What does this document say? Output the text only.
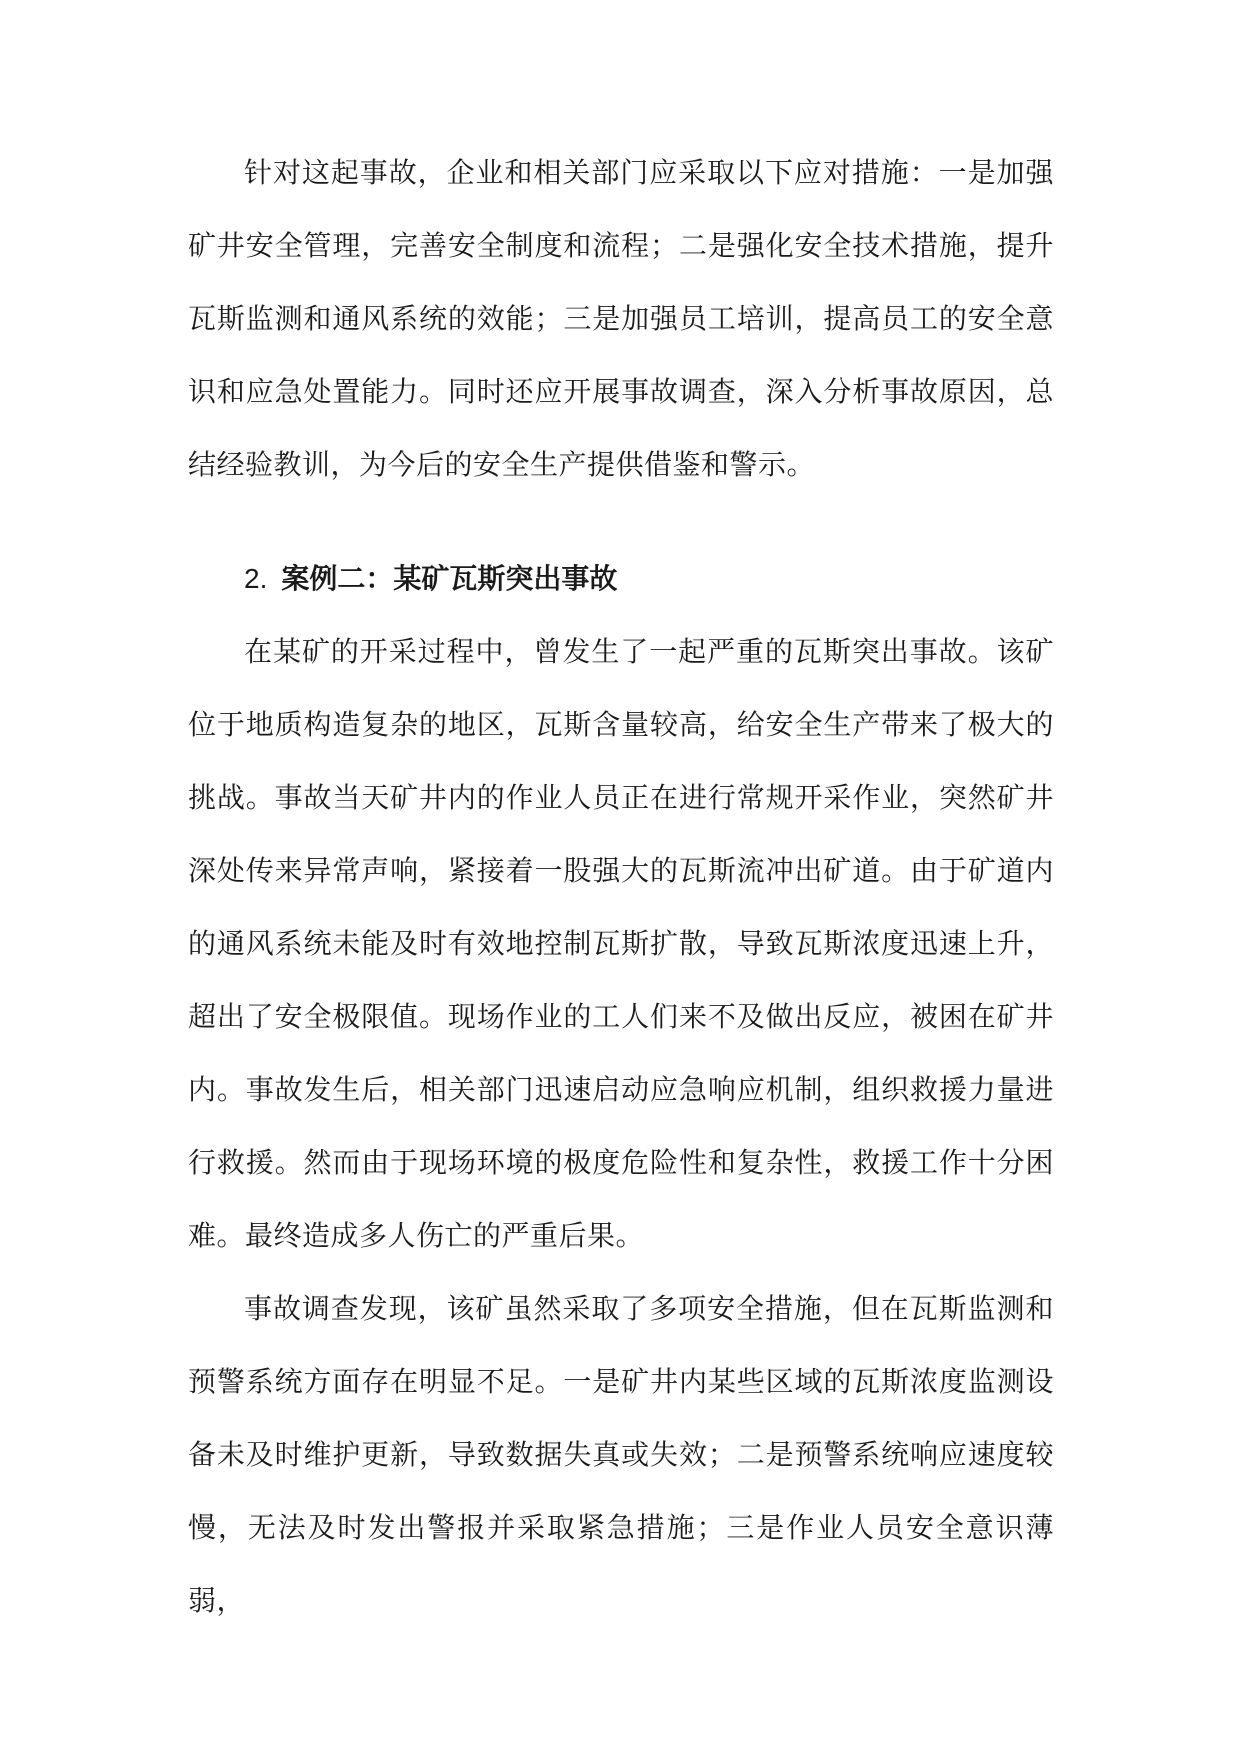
针对这起事故，企业和相关部门应采取以下应对措施：一是加强矿井安全管理，完善安全制度和流程；二是强化安全技术措施，提升瓦斯监测和通风系统的效能；三是加强员工培训，提高员工的安全意识和应急处置能力。同时还应开展事故调查，深入分析事故原因，总结经验教训，为今后的安全生产提供借鉴和警示。

2. 案例二：某矿瓦斯突出事故

在某矿的开采过程中，曾发生了一起严重的瓦斯突出事故。该矿位于地质构造复杂的地区，瓦斯含量较高，给安全生产带来了极大的挑战。事故当天矿井内的作业人员正在进行常规开采作业，突然矿井深处传来异常声响，紧接着一股强大的瓦斯流冲出矿道。由于矿道内的通风系统未能及时有效地控制瓦斯扩散，导致瓦斯浓度迅速上升，超出了安全极限值。现场作业的工人们来不及做出反应，被困在矿井内。事故发生后，相关部门迅速启动应急响应机制，组织救援力量进行救援。然而由于现场环境的极度危险性和复杂性，救援工作十分困难。最终造成多人伤亡的严重后果。

事故调查发现，该矿虽然采取了多项安全措施，但在瓦斯监测和预警系统方面存在明显不足。一是矿井内某些区域的瓦斯浓度监测设备未及时维护更新，导致数据失真或失效；二是预警系统响应速度较慢，无法及时发出警报并采取紧急措施；三是作业人员安全意识薄弱，
